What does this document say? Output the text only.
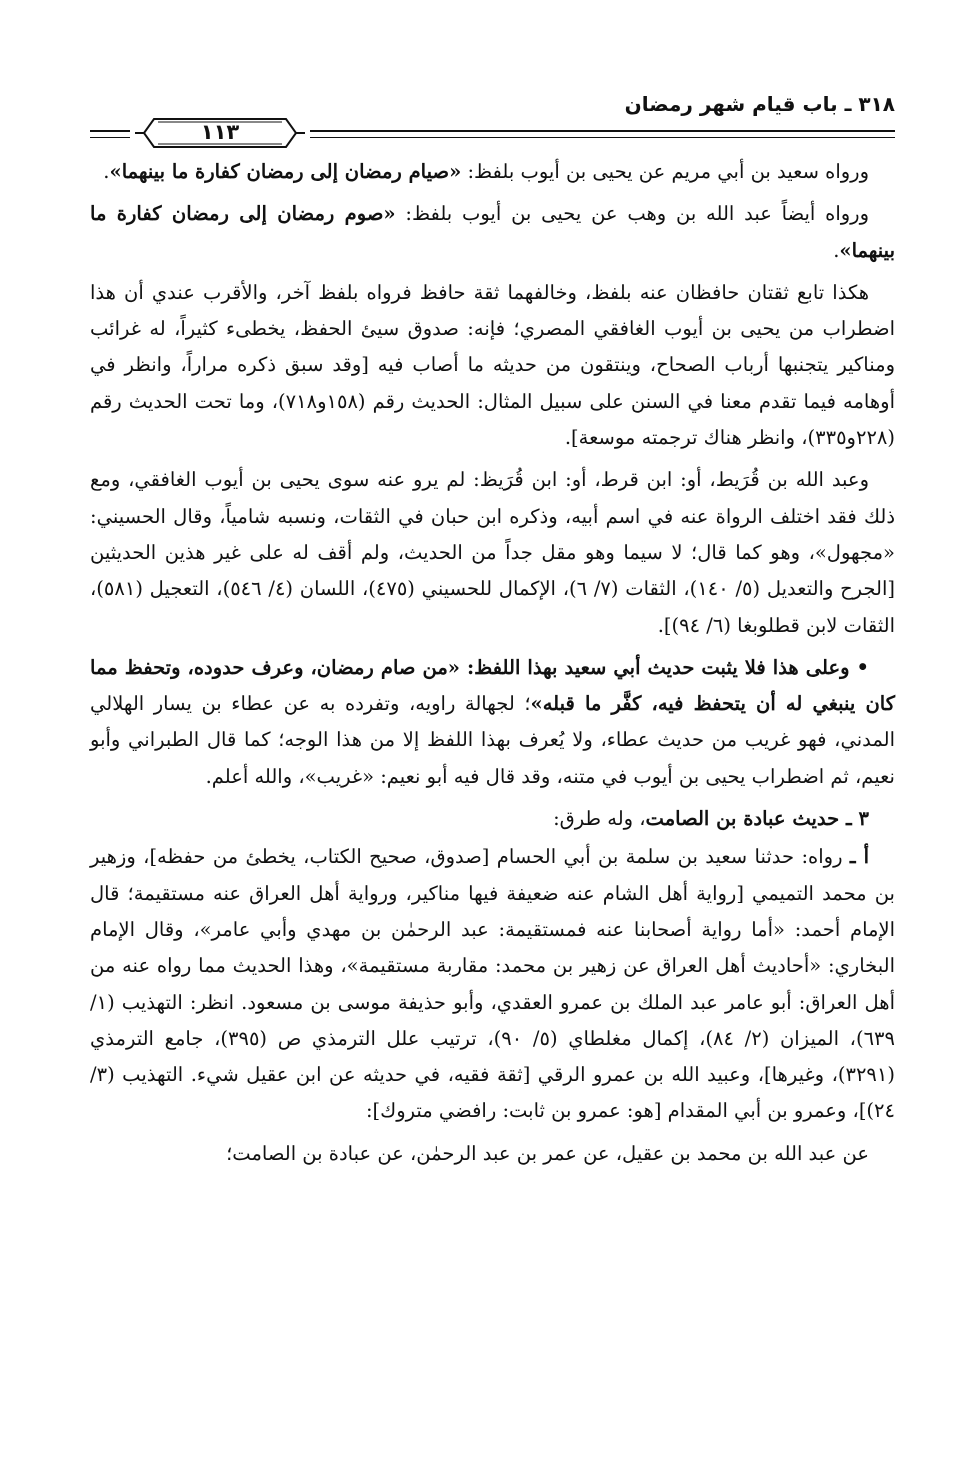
٣١٨ ـ باب قيام شهر رمضان
١١٣

ورواه سعيد بن أبي مريم عن يحيى بن أيوب بلفظ: «صيام رمضان إلى رمضان كفارة ما بينهما».

ورواه أيضاً عبد الله بن وهب عن يحيى بن أيوب بلفظ: «صوم رمضان إلى رمضان كفارة ما بينهما».

هكذا تابع ثقتان حافظان عنه بلفظ، وخالفهما ثقة حافظ فرواه بلفظ آخر، والأقرب عندي أن هذا اضطراب من يحيى بن أيوب الغافقي المصري؛ فإنه: صدوق سيئ الحفظ، يخطىء كثيراً، له غرائب ومناكير يتجنبها أرباب الصحاح، وينتقون من حديثه ما أصاب فيه [وقد سبق ذكره مراراً، وانظر في أوهامه فيما تقدم معنا في السنن على سبيل المثال: الحديث رقم (١٥٨و٧١٨)، وما تحت الحديث رقم (٢٢٨و٣٣٥)، وانظر هناك ترجمته موسعة].

وعبد الله بن قُرَيط، أو: ابن قرط، أو: ابن قُرَيظ: لم يرو عنه سوى يحيى بن أيوب الغافقي، ومع ذلك فقد اختلف الرواة عنه في اسم أبيه، وذكره ابن حبان في الثقات، ونسبه شامياً، وقال الحسيني: «مجهول»، وهو كما قال؛ لا سيما وهو مقل جداً من الحديث، ولم أقف له على غير هذين الحديثين [الجرح والتعديل (٥/ ١٤٠)، الثقات (٧/ ٦)، الإكمال للحسيني (٤٧٥)، اللسان (٤/ ٥٤٦)، التعجيل (٥٨١)، الثقات لابن قطلوبغا (٦/ ٩٤)].

• وعلى هذا فلا يثبت حديث أبي سعيد بهذا اللفظ: «من صام رمضان، وعرف حدوده، وتحفظ مما كان ينبغي له أن يتحفظ فيه، كفَّر ما قبله»؛ لجهالة راويه، وتفرده به عن عطاء بن يسار الهلالي المدني، فهو غريب من حديث عطاء، ولا يُعرف بهذا اللفظ إلا من هذا الوجه؛ كما قال الطبراني وأبو نعيم، ثم اضطراب يحيى بن أيوب في متنه، وقد قال فيه أبو نعيم: «غريب»، والله أعلم.

٣ ـ حديث عبادة بن الصامت، وله طرق:

أ ـ رواه: حدثنا سعيد بن سلمة بن أبي الحسام [صدوق، صحيح الكتاب، يخطئ من حفظه]، وزهير بن محمد التميمي [رواية أهل الشام عنه ضعيفة فيها مناكير، ورواية أهل العراق عنه مستقيمة؛ قال الإمام أحمد: «أما رواية أصحابنا عنه فمستقيمة: عبد الرحمٰن بن مهدي وأبي عامر»، وقال الإمام البخاري: «أحاديث أهل العراق عن زهير بن محمد: مقاربة مستقيمة»، وهذا الحديث مما رواه عنه من أهل العراق: أبو عامر عبد الملك بن عمرو العقدي، وأبو حذيفة موسى بن مسعود. انظر: التهذيب (١/ ٦٣٩)، الميزان (٢/ ٨٤)، إكمال مغلطاي (٥/ ٩٠)، ترتيب علل الترمذي ص (٣٩٥)، جامع الترمذي (٣٢٩١)، وغيرها]، وعبيد الله بن عمرو الرقي [ثقة فقيه، في حديثه عن ابن عقيل شيء. التهذيب (٣/ ٢٤)]، وعمرو بن أبي المقدام [هو: عمرو بن ثابت: رافضي متروك]:

عن عبد الله بن محمد بن عقيل، عن عمر بن عبد الرحمٰن، عن عبادة بن الصامت؛
